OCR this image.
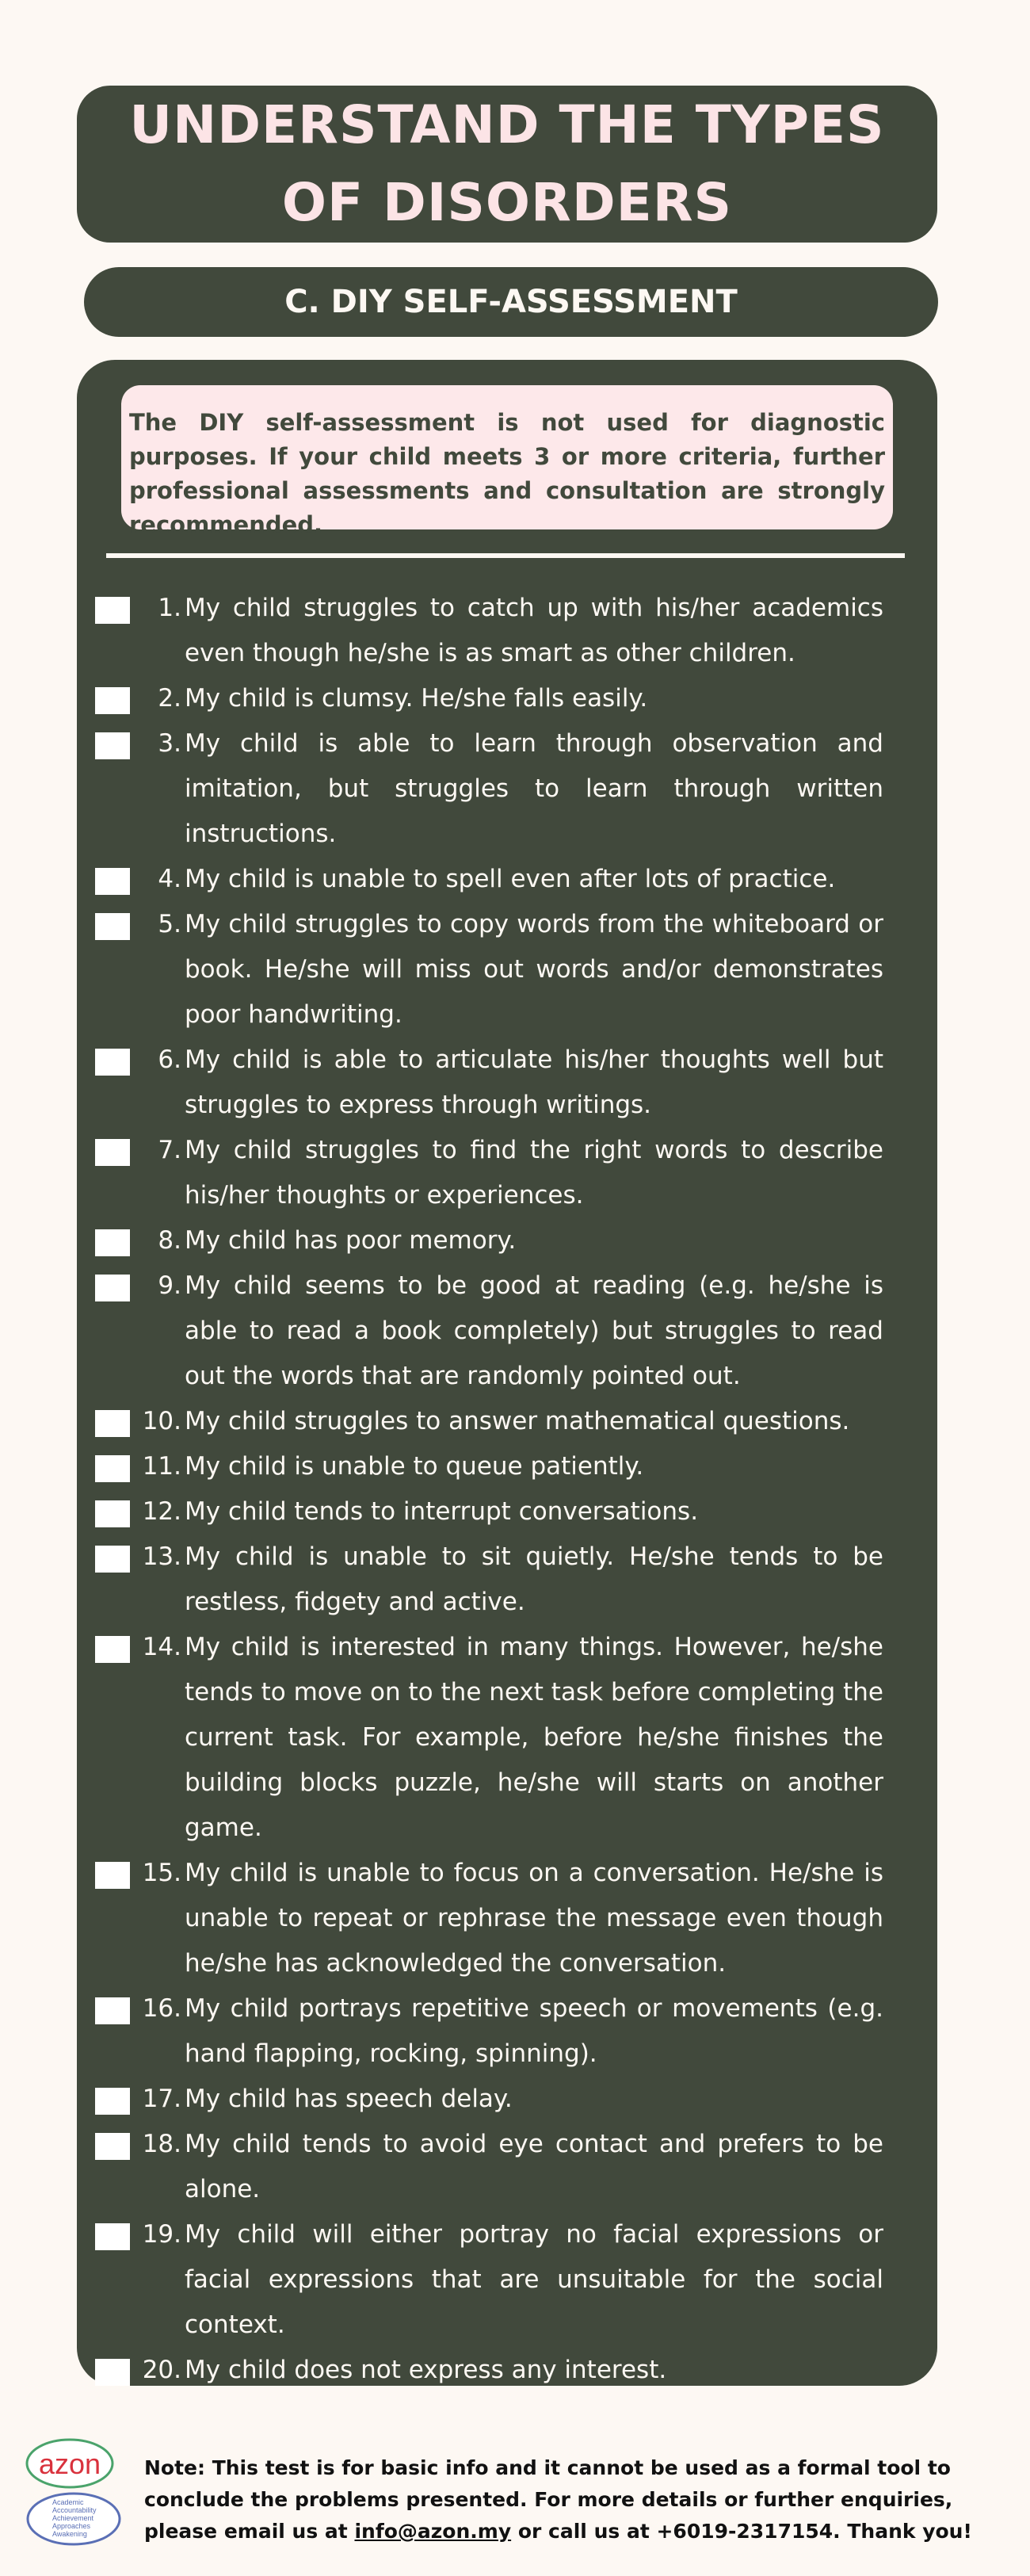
UNDERSTAND THE TYPES
OF DISORDERS
C. DIY SELF-ASSESSMENT
The DIY self-assessment is not used for diagnostic purposes. If your child meets 3 or more criteria, further professional assessments and consultation are strongly recommended.
1. My child struggles to catch up with his/her academics even though he/she is as smart as other children.
2. My child is clumsy. He/she falls easily.
3. My child is able to learn through observation and imitation, but struggles to learn through written instructions.
4. My child is unable to spell even after lots of practice.
5. My child struggles to copy words from the whiteboard or book. He/she will miss out words and/or demonstrates poor handwriting.
6. My child is able to articulate his/her thoughts well but struggles to express through writings.
7. My child struggles to find the right words to describe his/her thoughts or experiences.
8. My child has poor memory.
9. My child seems to be good at reading (e.g. he/she is able to read a book completely) but struggles to read out the words that are randomly pointed out.
10. My child struggles to answer mathematical questions.
11. My child is unable to queue patiently.
12. My child tends to interrupt conversations.
13. My child is unable to sit quietly. He/she tends to be restless, fidgety and active.
14. My child is interested in many things. However, he/she tends to move on to the next task before completing the current task. For example, before he/she finishes the building blocks puzzle, he/she will starts on another game.
15. My child is unable to focus on a conversation. He/she is unable to repeat or rephrase the message even though he/she has acknowledged the conversation.
16. My child portrays repetitive speech or movements (e.g. hand flapping, rocking, spinning).
17. My child has speech delay.
18. My child tends to avoid eye contact and prefers to be alone.
19. My child will either portray no facial expressions or facial expressions that are unsuitable for the social context.
20. My child does not express any interest.
azon
Academic
Accountability
Achievement
Approaches
Awakening
Note: This test is for basic info and it cannot be used as a formal tool to conclude the problems presented. For more details or further enquiries, please email us at info@azon.my or call us at +6019-2317154. Thank you!
